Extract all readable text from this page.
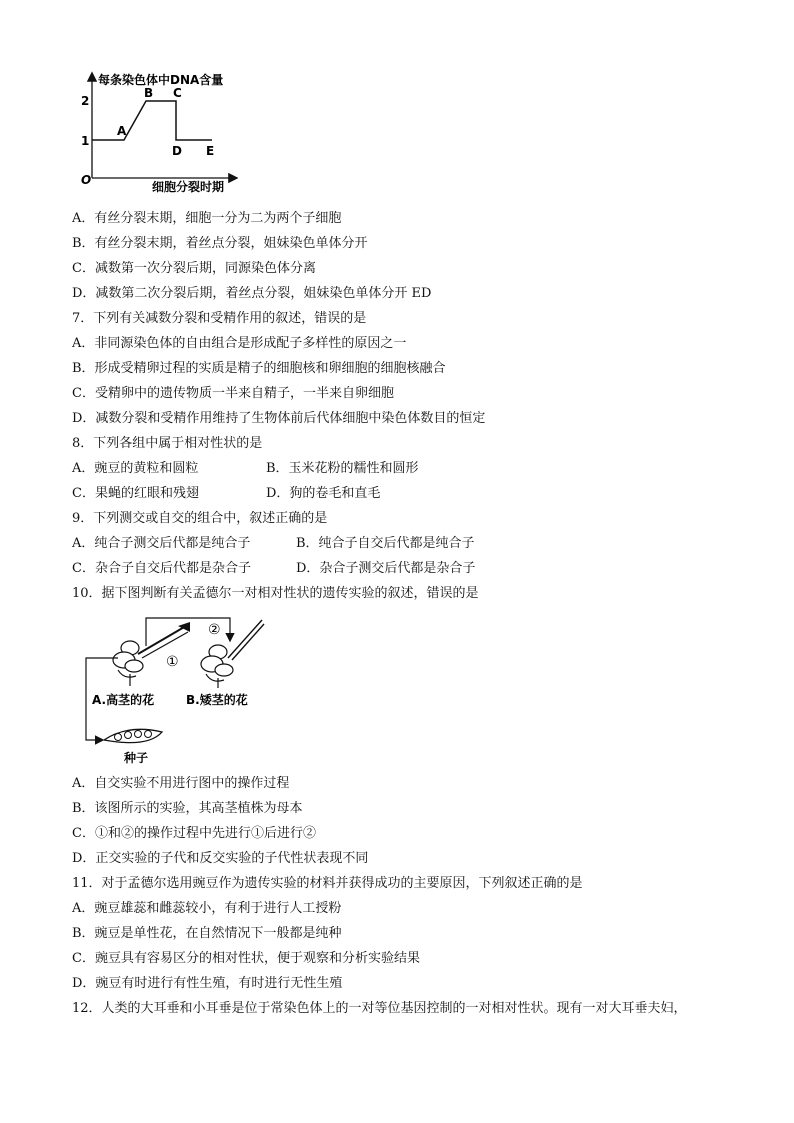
每条染色体中DNA含量
2
1
O
A
B C
D E
细胞分裂时期
A．有丝分裂末期，细胞一分为二为两个子细胞
B．有丝分裂末期，着丝点分裂，姐妹染色单体分开
C．减数第一次分裂后期，同源染色体分离
D．减数第二次分裂后期，着丝点分裂，姐妹染色单体分开 ED
7．下列有关减数分裂和受精作用的叙述，错误的是
A．非同源染色体的自由组合是形成配子多样性的原因之一
B．形成受精卵过程的实质是精子的细胞核和卵细胞的细胞核融合
C．受精卵中的遗传物质一半来自精子，一半来自卵细胞
D．减数分裂和受精作用维持了生物体前后代体细胞中染色体数目的恒定
8．下列各组中属于相对性状的是
A．豌豆的黄粒和圆粒	B．玉米花粉的糯性和圆形
C．果蝇的红眼和残翅	D．狗的卷毛和直毛
9．下列测交或自交的组合中，叙述正确的是
A．纯合子测交后代都是纯合子	B．纯合子自交后代都是纯合子
C．杂合子自交后代都是杂合子	D．杂合子测交后代都是杂合子
10．据下图判断有关孟德尔一对相对性状的遗传实验的叙述，错误的是
①
②
A.高茎的花	B.矮茎的花
种子
A．自交实验不用进行图中的操作过程
B．该图所示的实验，其高茎植株为母本
C．①和②的操作过程中先进行①后进行②
D．正交实验的子代和反交实验的子代性状表现不同
11．对于孟德尔选用豌豆作为遗传实验的材料并获得成功的主要原因，下列叙述正确的是
A．豌豆雄蕊和雌蕊较小，有利于进行人工授粉
B．豌豆是单性花，在自然情况下一般都是纯种
C．豌豆具有容易区分的相对性状，便于观察和分析实验结果
D．豌豆有时进行有性生殖，有时进行无性生殖
12．人类的大耳垂和小耳垂是位于常染色体上的一对等位基因控制的一对相对性状。现有一对大耳垂夫妇，
